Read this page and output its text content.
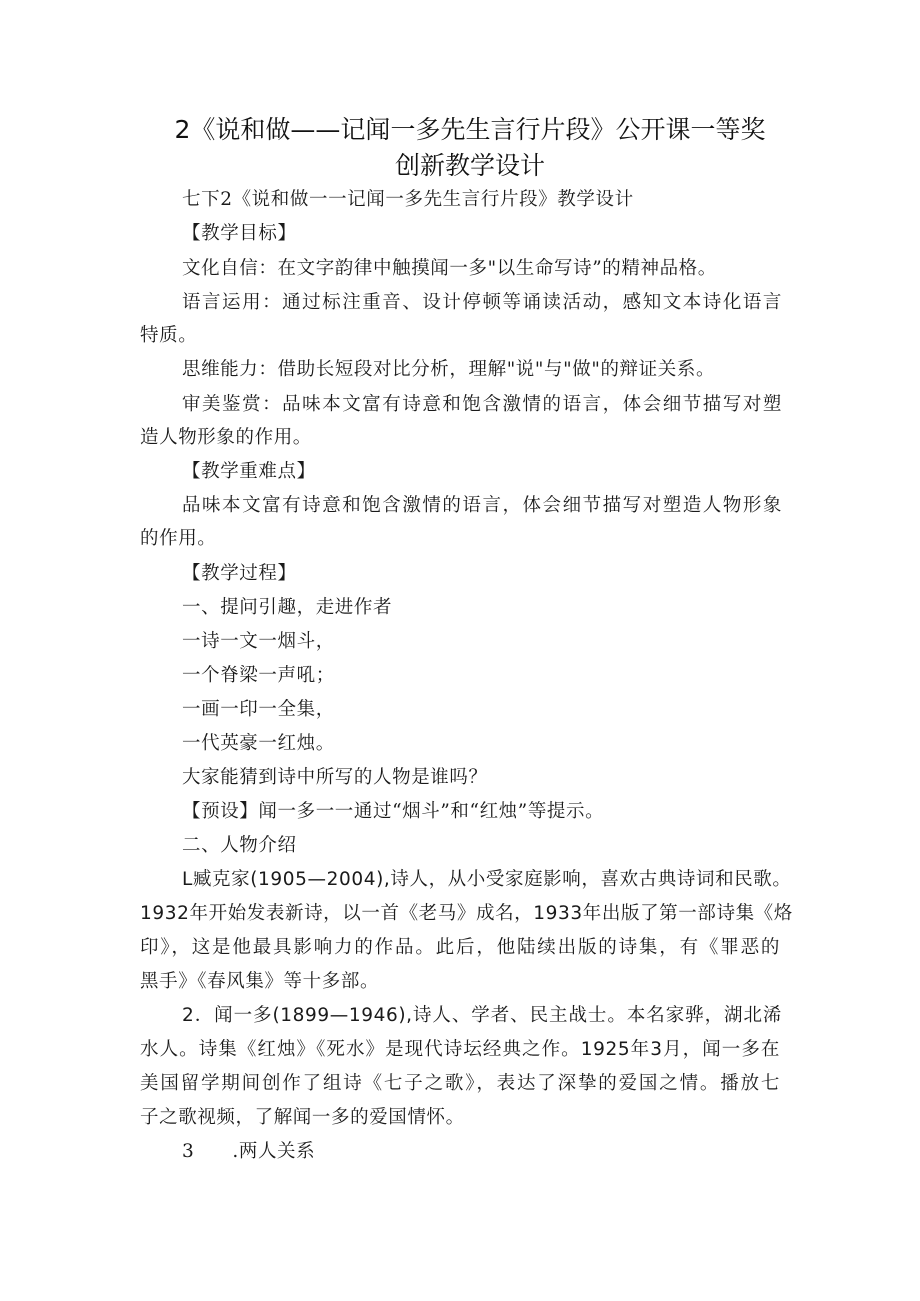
2《说和做——记闻一多先生言行片段》公开课一等奖
创新教学设计
七下2《说和做一一记闻一多先生言行片段》教学设计
【教学目标】
文化自信：在文字韵律中触摸闻一多"以生命写诗”的精神品格。
语言运用：通过标注重音、设计停顿等诵读活动，感知文本诗化语言
特质。
思维能力：借助长短段对比分析，理解"说"与"做"的辩证关系。
审美鉴赏：品味本文富有诗意和饱含激情的语言，体会细节描写对塑
造人物形象的作用。
【教学重难点】
品味本文富有诗意和饱含激情的语言，体会细节描写对塑造人物形象
的作用。
【教学过程】
一、提问引趣，走进作者
一诗一文一烟斗，
一个脊梁一声吼；
一画一印一全集，
一代英豪一红烛。
大家能猜到诗中所写的人物是谁吗？
【预设】闻一多一一通过“烟斗”和“红烛”等提示。
二、人物介绍
L臧克家(1905—2004),诗人，从小受家庭影响，喜欢古典诗词和民歌。
1932年开始发表新诗，以一首《老马》成名，1933年出版了第一部诗集《烙
印》，这是他最具影响力的作品。此后，他陆续出版的诗集，有《罪恶的
黑手》《春风集》等十多部。
2．闻一多(1899—1946),诗人、学者、民主战士。本名家骅，湖北浠
水人。诗集《红烛》《死水》是现代诗坛经典之作。1925年3月，闻一多在
美国留学期间创作了组诗《七子之歌》，表达了深挚的爱国之情。播放七
子之歌视频，了解闻一多的爱国情怀。
3 .两人关系
